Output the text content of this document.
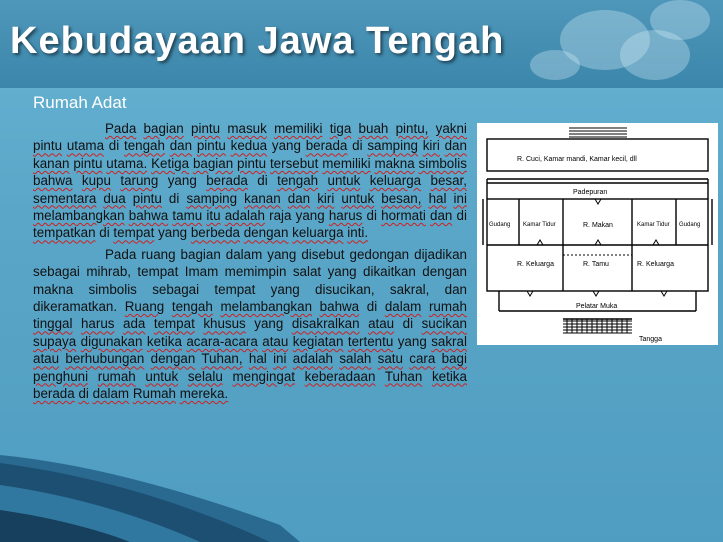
Kebudayaan Jawa Tengah
Rumah Adat

Pada bagian pintu masuk memiliki tiga buah pintu, yakni pintu utama di tengah dan pintu kedua yang berada di samping kiri dan kanan pintu utama. Ketiga bagian pintu tersebut memiliki makna simbolis bahwa kupu tarung yang berada di tengah untuk keluarga besar, sementara dua pintu di samping kanan dan kiri untuk besan, hal ini melambangkan bahwa tamu itu adalah raja yang harus di hormati dan di tempatkan di tempat yang berbeda dengan keluarga inti.

Pada ruang bagian dalam yang disebut gedongan dijadikan sebagai mihrab, tempat Imam memimpin salat yang dikaitkan dengan makna simbolis sebagai tempat yang disucikan, sakral, dan dikeramatkan. Ruang tengah melambangkan bahwa di dalam rumah tinggal harus ada tempat khusus yang disakralkan atau di sucikan supaya digunakan ketika acara-acara atau kegiatan tertentu yang sakral atau berhubungan dengan Tuhan, hal ini adalah salah satu cara bagi penghuni rumah untuk selalu mengingat keberadaan Tuhan ketika berada di dalam Rumah mereka.

R. Cuci, Kamar mandi, Kamar kecil, dll
Padepuran
Gudang Kamar Tidur	R. Makan	Kamar Tidur Gudang
R. Keluarga	R. Tamu	R. Keluarga
Pelatar Muka
Tangga
